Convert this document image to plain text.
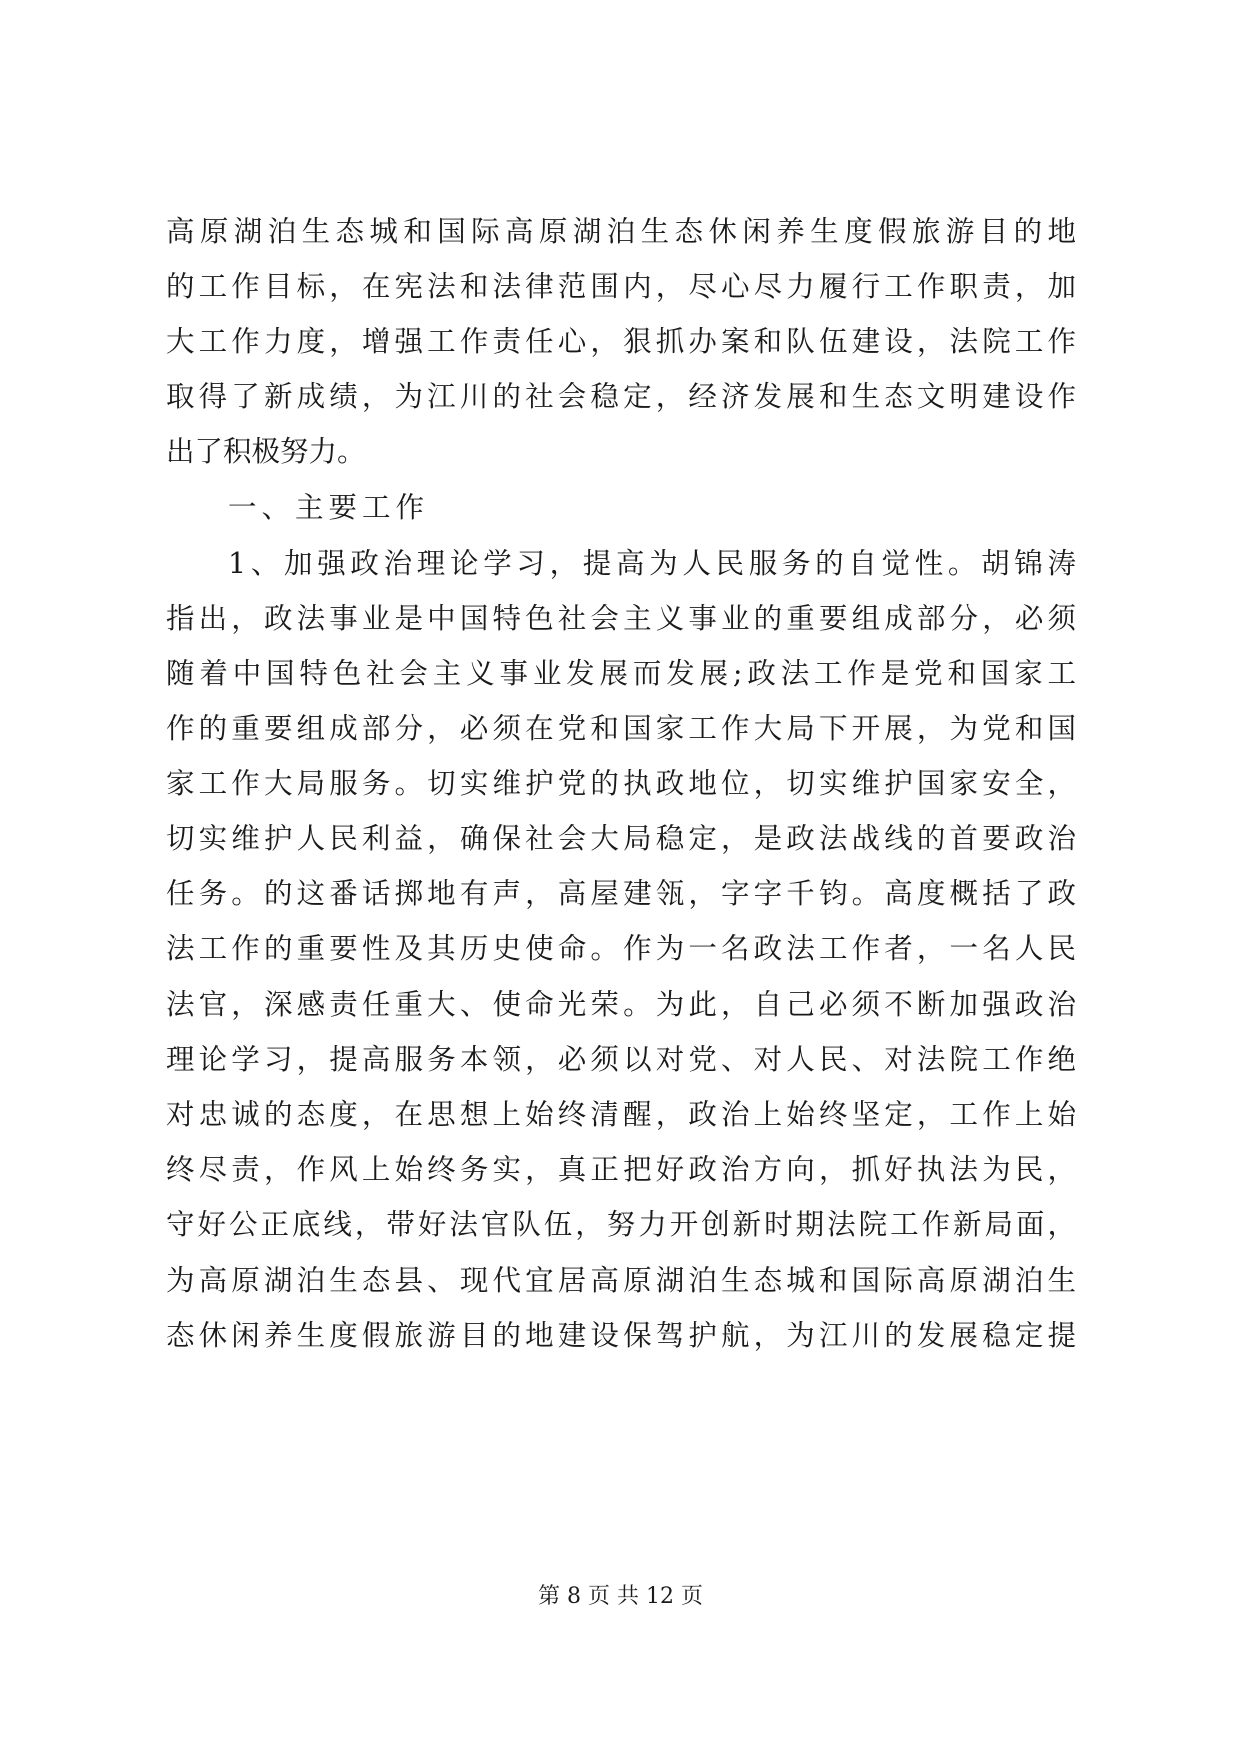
高原湖泊生态城和国际高原湖泊生态休闲养生度假旅游目的地
的工作目标，在宪法和法律范围内，尽心尽力履行工作职责，加
大工作力度，增强工作责任心，狠抓办案和队伍建设，法院工作
取得了新成绩，为江川的社会稳定，经济发展和生态文明建设作
出了积极努力。
一、主要工作
1、加强政治理论学习，提高为人民服务的自觉性。胡锦涛
指出，政法事业是中国特色社会主义事业的重要组成部分，必须
随着中国特色社会主义事业发展而发展;政法工作是党和国家工
作的重要组成部分，必须在党和国家工作大局下开展，为党和国
家工作大局服务。切实维护党的执政地位，切实维护国家安全，
切实维护人民利益，确保社会大局稳定，是政法战线的首要政治
任务。的这番话掷地有声，高屋建瓴，字字千钧。高度概括了政
法工作的重要性及其历史使命。作为一名政法工作者，一名人民
法官，深感责任重大、使命光荣。为此，自己必须不断加强政治
理论学习，提高服务本领，必须以对党、对人民、对法院工作绝
对忠诚的态度，在思想上始终清醒，政治上始终坚定，工作上始
终尽责，作风上始终务实，真正把好政治方向，抓好执法为民，
守好公正底线，带好法官队伍，努力开创新时期法院工作新局面，
为高原湖泊生态县、现代宜居高原湖泊生态城和国际高原湖泊生
态休闲养生度假旅游目的地建设保驾护航，为江川的发展稳定提
第 8 页 共 12 页
